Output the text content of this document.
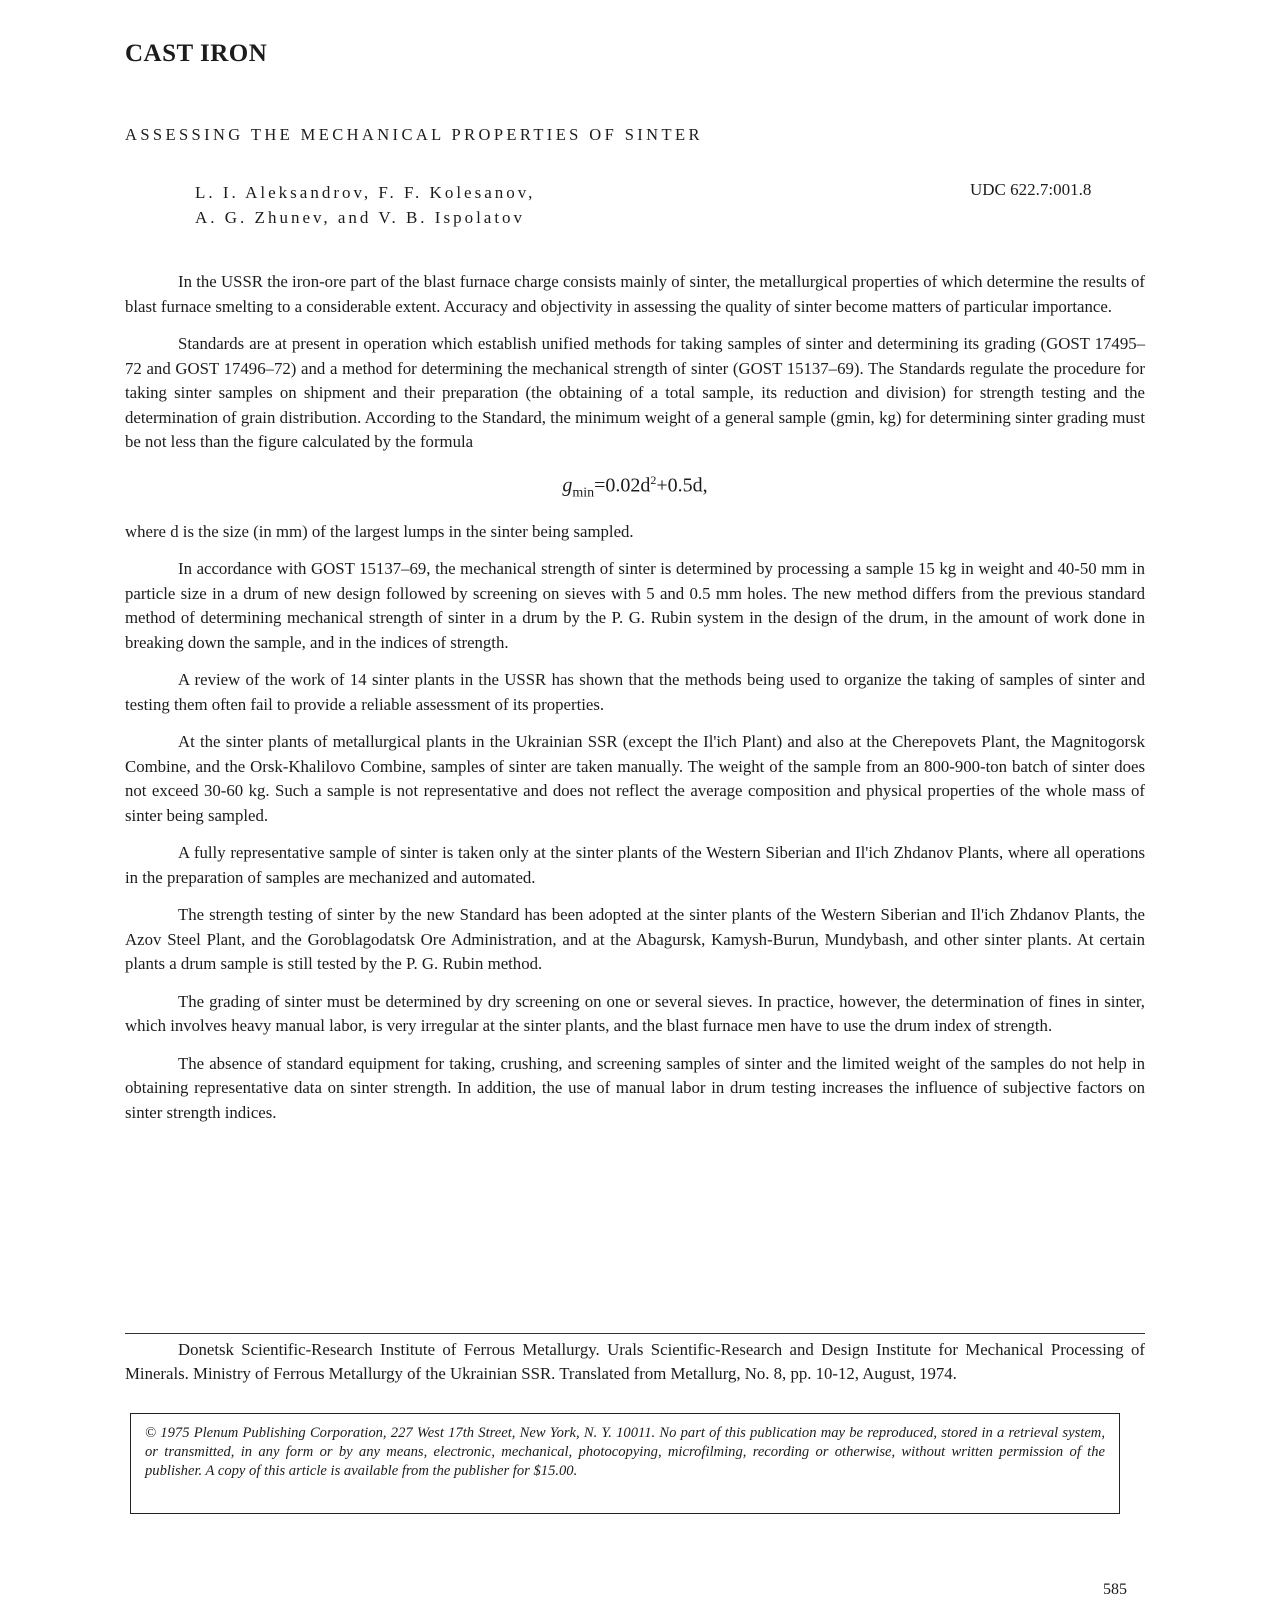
CAST IRON
ASSESSING THE MECHANICAL PROPERTIES OF SINTER
L. I. Aleksandrov, F. F. Kolesanov,
A. G. Zhunev, and V. B. Ispolatov
UDC 622.7:001.8

In the USSR the iron-ore part of the blast furnace charge consists mainly of sinter, the metallurgical properties of which determine the results of blast furnace smelting to a considerable extent. Accuracy and objectivity in assessing the quality of sinter become matters of particular importance.

Standards are at present in operation which establish unified methods for taking samples of sinter and determining its grading (GOST 17495–72 and GOST 17496–72) and a method for determining the mechanical strength of sinter (GOST 15137–69). The Standards regulate the procedure for taking sinter samples on shipment and their preparation (the obtaining of a total sample, its reduction and division) for strength testing and the determination of grain distribution. According to the Standard, the minimum weight of a general sample (gmin, kg) for determining sinter grading must be not less than the figure calculated by the formula

$g_{min}=0.02d^2+0.5d$,

where d is the size (in mm) of the largest lumps in the sinter being sampled.

In accordance with GOST 15137–69, the mechanical strength of sinter is determined by processing a sample 15 kg in weight and 40-50 mm in particle size in a drum of new design followed by screening on sieves with 5 and 0.5 mm holes. The new method differs from the previous standard method of determining mechanical strength of sinter in a drum by the P. G. Rubin system in the design of the drum, in the amount of work done in breaking down the sample, and in the indices of strength.

A review of the work of 14 sinter plants in the USSR has shown that the methods being used to organize the taking of samples of sinter and testing them often fail to provide a reliable assessment of its properties.

At the sinter plants of metallurgical plants in the Ukrainian SSR (except the Il'ich Plant) and also at the Cherepovets Plant, the Magnitogorsk Combine, and the Orsk-Khalilovo Combine, samples of sinter are taken manually. The weight of the sample from an 800-900-ton batch of sinter does not exceed 30-60 kg. Such a sample is not representative and does not reflect the average composition and physical properties of the whole mass of sinter being sampled.

A fully representative sample of sinter is taken only at the sinter plants of the Western Siberian and Il'ich Zhdanov Plants, where all operations in the preparation of samples are mechanized and automated.

The strength testing of sinter by the new Standard has been adopted at the sinter plants of the Western Siberian and Il'ich Zhdanov Plants, the Azov Steel Plant, and the Goroblagodatsk Ore Administration, and at the Abagursk, Kamysh-Burun, Mundybash, and other sinter plants. At certain plants a drum sample is still tested by the P. G. Rubin method.

The grading of sinter must be determined by dry screening on one or several sieves. In practice, however, the determination of fines in sinter, which involves heavy manual labor, is very irregular at the sinter plants, and the blast furnace men have to use the drum index of strength.

The absence of standard equipment for taking, crushing, and screening samples of sinter and the limited weight of the samples do not help in obtaining representative data on sinter strength. In addition, the use of manual labor in drum testing increases the influence of subjective factors on sinter strength indices.

Donetsk Scientific-Research Institute of Ferrous Metallurgy. Urals Scientific-Research and Design Institute for Mechanical Processing of Minerals. Ministry of Ferrous Metallurgy of the Ukrainian SSR. Translated from Metallurg, No. 8, pp. 10-12, August, 1974.
© 1975 Plenum Publishing Corporation, 227 West 17th Street, New York, N. Y. 10011. No part of this publication may be reproduced, stored in a retrieval system, or transmitted, in any form or by any means, electronic, mechanical, photocopying, microfilming, recording or otherwise, without written permission of the publisher. A copy of this article is available from the publisher for $15.00.
585
